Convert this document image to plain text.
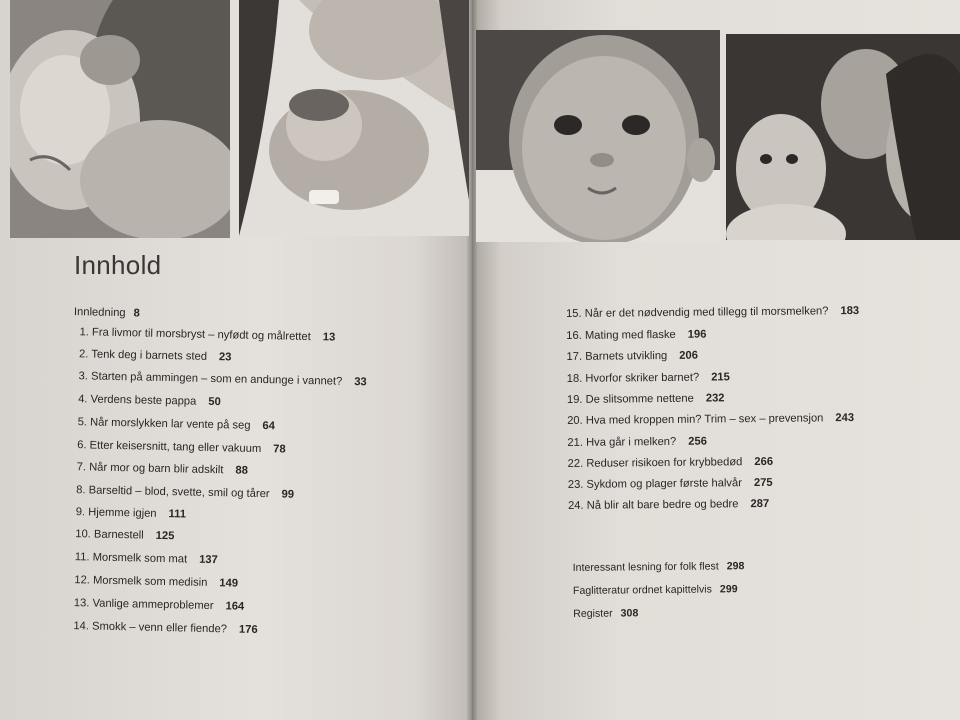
Innhold
Innledning 8
1. Fra livmor til morsbryst – nyfødt og målrettet 13
2. Tenk deg i barnets sted 23
3. Starten på ammingen – som en andunge i vannet? 33
4. Verdens beste pappa 50
5. Når morslykken lar vente på seg 64
6. Etter keisersnitt, tang eller vakuum 78
7. Når mor og barn blir adskilt 88
8. Barseltid – blod, svette, smil og tårer 99
9. Hjemme igjen 111
10. Barnestell 125
11. Morsmelk som mat 137
12. Morsmelk som medisin 149
13. Vanlige ammeproblemer 164
14. Smokk – venn eller fiende? 176
15. Når er det nødvendig med tillegg til morsmelken? 183
16. Mating med flaske 196
17. Barnets utvikling 206
18. Hvorfor skriker barnet? 215
19. De slitsomme nettene 232
20. Hva med kroppen min? Trim – sex – prevensjon 243
21. Hva går i melken? 256
22. Reduser risikoen for krybbedød 266
23. Sykdom og plager første halvår 275
24. Nå blir alt bare bedre og bedre 287
Interessant lesning for folk flest 298
Faglitteratur ordnet kapittelvis 299
Register 308
